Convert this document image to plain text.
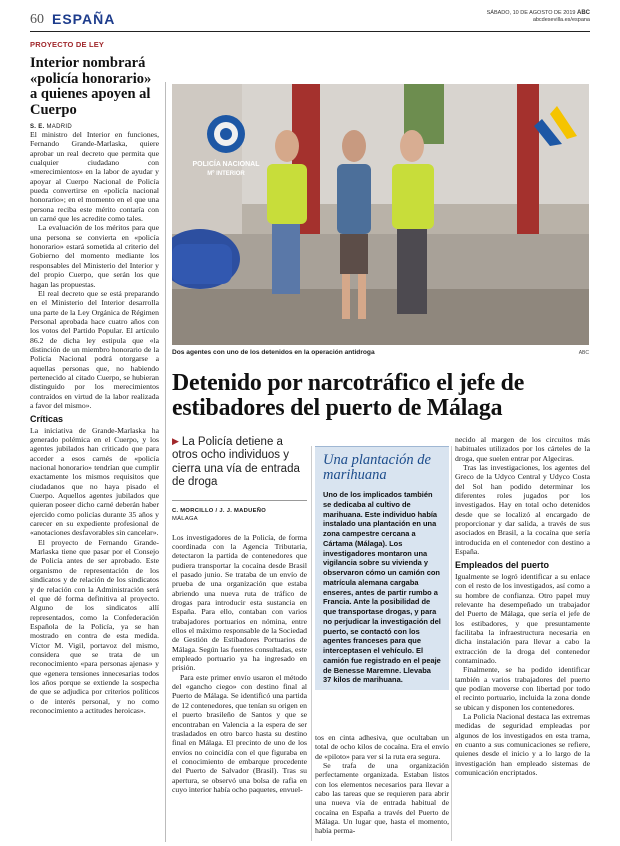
60 ESPAÑA	SÁBADO, 10 DE AGOSTO DE 2019 ABC
abcdesevilla.es/espana
PROYECTO DE LEY
Interior nombrará «policía honorario» a quienes apoyen al Cuerpo
S. E. MADRID

El ministro del Interior en funciones, Fernando Grande-Marlaska, quiere aprobar un real decreto que permita que cualquier ciudadano con «merecimientos» en la labor de ayudar y apoyar al Cuerpo Nacional de Policía pueda convertirse en «policía nacional honorario»; en el momento en el que una persona reciba este mérito contaría con un carné que les acredite como tales.

La evaluación de los méritos para que una persona se convierta en «policía honorario» estará sometida al criterio del Gobierno del momento mediante los responsables del Ministerio del Interior y del propio Cuerpo, que serán los que hagan las propuestas.

El real decreto que se está preparando en el Ministerio del Interior desarrolla una parte de la Ley Orgánica de Régimen Personal aprobada hace cuatro años con los votos del Partido Popular. El artículo 86.2 de dicha ley estipula que «la distinción de un miembro honorario de la Policía Nacional podrá otorgarse a aquellas personas que, no habiendo pertenecido al citado Cuerpo, se hubieran distinguido por los merecimientos contraídos en virtud de la labor realizada a favor del mismo».

Críticas

La iniciativa de Grande-Marlaska ha generado polémica en el Cuerpo, y los agentes jubilados han criticado que para acceder a esos carnés de «policía nacional honorario» tendrían que cumplir exactamente los mismos requisitos que ciudadanos que no haya pisado el Cuerpo. Aquellos agentes jubilados que quieran poseer dicho carné deberán haber ejercido como policías durante 35 años y carecer en su expediente profesional de «anotaciones desfavorables sin cancelar».

El proyecto de Fernando Grande-Marlaska tiene que pasar por el Consejo de Policía antes de ser aprobado. Este organismo de representación de los sindicatos y de relación de los sindicatos y de relación con la Administración será el que dé forma definitiva al proyecto. Alguno de los sindicatos allí representados, como la Confederación Española de la Policía, ya se han mostrado en contra de esta medida. Víctor M. Vigil, portavoz del mismo, considera que se trata de un reconocimiento «para personas ajenas» y que «genera tensiones innecesarias todos los años porque se extiende la sospecha de que se adjudica por criterios políticos o de interés personal, y no como reconocimiento a actitudes heroicas».

POLICÍA NACIONAL
Mº INTERIOR
Dos agentes con uno de los detenidos en la operación antidroga	ABC
Detenido por narcotráfico el jefe de estibadores del puerto de Málaga
▶ La Policía detiene a otros ocho individuos y cierra una vía de entrada de droga
C. MORCILLO / J. J. MADUEÑO
MÁLAGA

Los investigadores de la Policía, de forma coordinada con la Agencia Tributaria, detectaron la partida de contenedores que pudiera transportar la cocaína desde Brasil el pasado junio. Se trataba de un envío de prueba de una organización que estaba abriendo una nueva ruta de tráfico de drogas para introducir esta sustancia en España. Para ello, contaban con varios trabajadores portuarios en nómina, entre ellos el máximo responsable de la Sociedad de Gestión de Estibadores Portuarios de Málaga. Según las fuentes consultadas, este empleado portuario ya ha ingresado en prisión.

Para este primer envío usaron el método del «gancho ciego» con destino final al Puerto de Málaga. Se identificó una partida de 12 contenedores, que tenían su origen en el puerto brasileño de Santos y que se encontraban en Valencia a la espera de ser trasladados en otro barco hasta su destino final en Málaga. El precinto de uno de los envíos no coincidía con el que figuraba en el conocimiento de embarque procedente del Puerto de Salvador (Brasil). Tras su apertura, se observó una bolsa de rafia en cuyo interior había ocho paquetes, envuel-

Una plantación de marihuana
Uno de los implicados también se dedicaba al cultivo de marihuana. Este individuo había instalado una plantación en una zona campestre cercana a Cártama (Málaga). Los investigadores montaron una vigilancia sobre su vivienda y observaron cómo un camión con matrícula alemana cargaba enseres, antes de partir rumbo a Francia. Ante la posibilidad de que transportase drogas, y para no perjudicar la investigación del puerto, se contactó con los agentes franceses para que interceptasen el vehículo. El camión fue registrado en el peaje de Benesse Maremne. Llevaba 37 kilos de marihuana.

tos en cinta adhesiva, que ocultaban un total de ocho kilos de cocaína. Era el envío de «piloto» para ver si la ruta era segura.

Se trafa de una organización perfectamente organizada. Estaban listos con los elementos necesarios para llevar a cabo las tareas que se requieren para abrir una nueva vía de entrada habitual de cocaína en España a través del Puerto de Málaga. Un lugar que, hasta el momento, había perma-

necido al margen de los circuitos más habituales utilizados por los cárteles de la droga, que suelen entrar por Algeciras.

Tras las investigaciones, los agentes del Greco de la Udyco Central y Udyco Costa del Sol han podido determinar los diferentes roles jugados por los investigados. Hay en total ocho detenidos desde que se localizó al encargado de proporcionar y dar salida, a través de sus asociados en Brasil, a la cocaína que sería introducida en el contenedor con destino a España.

Empleados del puerto

Igualmente se logró identificar a su enlace con el resto de los investigados, así como a su hombre de confianza. Otro papel muy relevante ha desempeñado un trabajador del Puerto de Málaga, que sería el jefe de los estibadores, y que presuntamente facilitaba la infraestructura necesaria en dicha instalación para llevar a cabo la extracción de la droga del contenedor contaminado.

Finalmente, se ha podido identificar también a varios trabajadores del puerto que podían moverse con libertad por todo el recinto portuario, incluida la zona donde se ubican y disponen los contenedores.

La Policía Nacional destaca las extremas medidas de seguridad empleadas por algunos de los investigados en esta trama, en cuanto a sus comunicaciones se refiere, quienes desde el inicio y a lo largo de la investigación han empleado sistemas de comunicación encriptados.
